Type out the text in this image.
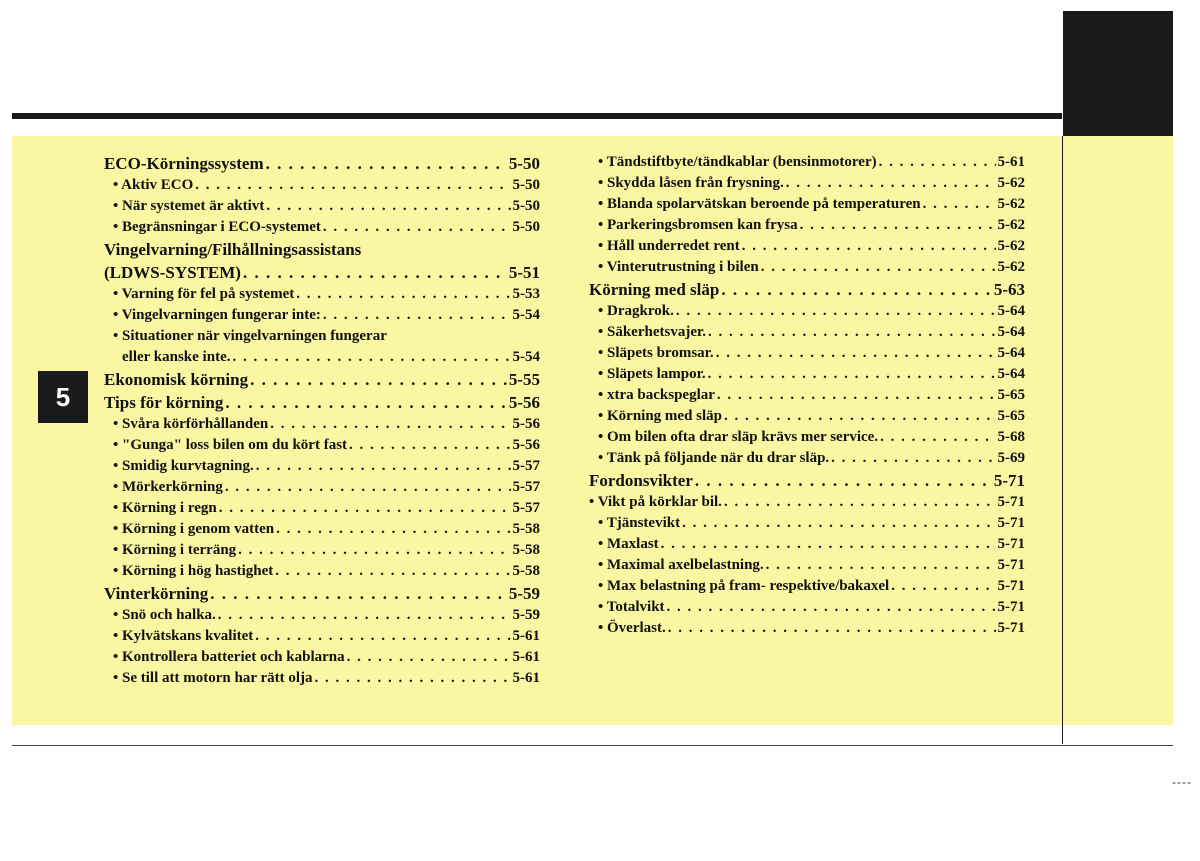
5
----
ECO-Körningssystem . . .	5-50
• Aktiv ECO . . .	5-50
• När systemet är aktivt . . .	5-50
• Begränsningar i ECO-systemet . . .	5-50
Vingelvarning/Filhållningsassistans
(LDWS-SYSTEM) . . .	5-51
• Varning för fel på systemet . . .	5-53
• Vingelvarningen fungerar inte: . . .	5-54
• Situationer när vingelvarningen fungerar
eller kanske inte. . . .	5-54
Ekonomisk körning . . .	5-55
Tips för körning . . .	5-56
• Svåra körförhållanden . . .	5-56
• "Gunga" loss bilen om du kört fast . . .	5-56
• Smidig kurvtagning. . . .	5-57
• Mörkerkörning . . .	5-57
• Körning i regn . . .	5-57
• Körning i genom vatten . . .	5-58
• Körning i terräng . . .	5-58
• Körning i hög hastighet . . .	5-58
Vinterkörning . . .	5-59
• Snö och halka. . . .	5-59
• Kylvätskans kvalitet . . .	5-61
• Kontrollera batteriet och kablarna . . .	5-61
• Se till att motorn har rätt olja . . .	5-61
• Tändstiftbyte/tändkablar (bensinmotorer) . . .	5-61
• Skydda låsen från frysning. . . .	5-62
• Blanda spolarvätskan beroende på temperaturen . . .	5-62
• Parkeringsbromsen kan frysa . . .	5-62
• Håll underredet rent . . .	5-62
• Vinterutrustning i bilen . . .	5-62
Körning med släp . . .	5-63
• Dragkrok. . . .	5-64
• Säkerhetsvajer. . . .	5-64
• Släpets bromsar. . . .	5-64
• Släpets lampor. . . .	5-64
• xtra backspeglar . . .	5-65
• Körning med släp . . .	5-65
• Om bilen ofta drar släp krävs mer service. . . .	5-68
• Tänk på följande när du drar släp. . . .	5-69
Fordonsvikter . . .	5-71
• Vikt på körklar bil. . . .	5-71
• Tjänstevikt . . .	5-71
• Maxlast . . .	5-71
• Maximal axelbelastning. . . .	5-71
• Max belastning på fram- respektive/bakaxel . . .	5-71
• Totalvikt . . .	5-71
• Överlast. . . .	5-71
